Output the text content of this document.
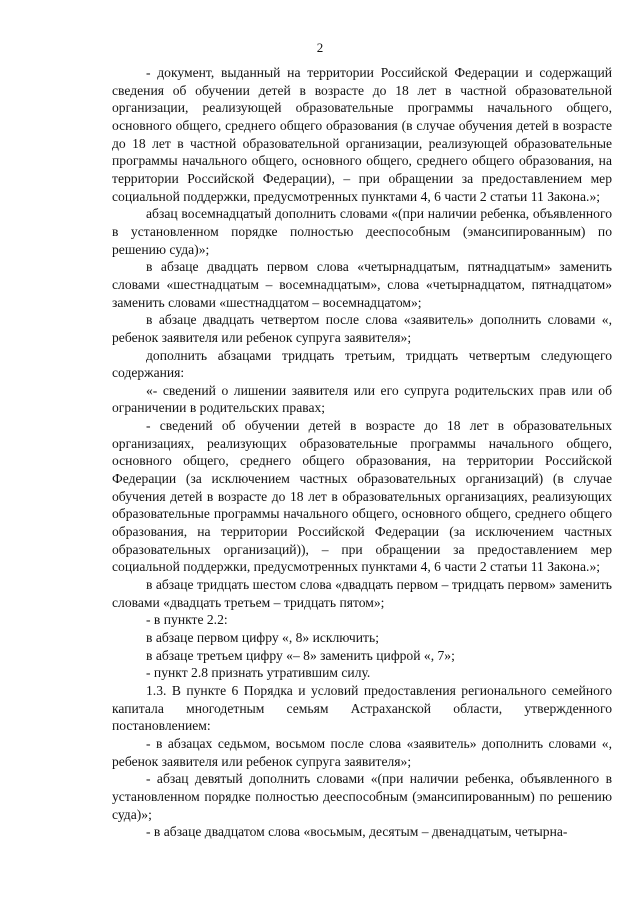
2

- документ, выданный на территории Российской Федерации и содержащий сведения об обучении детей в возрасте до 18 лет в частной образовательной организации, реализующей образовательные программы начального общего, основного общего, среднего общего образования (в случае обучения детей в возрасте до 18 лет в частной образовательной организации, реализующей образовательные программы начального общего, основного общего, среднего общего образования, на территории Российской Федерации), – при обращении за предоставлением мер социальной поддержки, предусмотренных пунктами 4, 6 части 2 статьи 11 Закона.»;

абзац восемнадцатый дополнить словами «(при наличии ребенка, объявленного в установленном порядке полностью дееспособным (эмансипированным) по решению суда)»;

в абзаце двадцать первом слова «четырнадцатым, пятнадцатым» заменить словами «шестнадцатым – восемнадцатым», слова «четырнадцатом, пятнадцатом» заменить словами «шестнадцатом – восемнадцатом»;

в абзаце двадцать четвертом после слова «заявитель» дополнить словами «, ребенок заявителя или ребенок супруга заявителя»;

дополнить абзацами тридцать третьим, тридцать четвертым следующего содержания:

«- сведений о лишении заявителя или его супруга родительских прав или об ограничении в родительских правах;

- сведений об обучении детей в возрасте до 18 лет в образовательных организациях, реализующих образовательные программы начального общего, основного общего, среднего общего образования, на территории Российской Федерации (за исключением частных образовательных организаций) (в случае обучения детей в возрасте до 18 лет в образовательных организациях, реализующих образовательные программы начального общего, основного общего, среднего общего образования, на территории Российской Федерации (за исключением частных образовательных организаций)), – при обращении за предоставлением мер социальной поддержки, предусмотренных пунктами 4, 6 части 2 статьи 11 Закона.»;

в абзаце тридцать шестом слова «двадцать первом – тридцать первом» заменить словами «двадцать третьем – тридцать пятом»;

- в пункте 2.2:

в абзаце первом цифру «, 8» исключить;

в абзаце третьем цифру «– 8» заменить цифрой «, 7»;

- пункт 2.8 признать утратившим силу.

1.3. В пункте 6 Порядка и условий предоставления регионального семейного капитала многодетным семьям Астраханской области, утвержденного постановлением:

- в абзацах седьмом, восьмом после слова «заявитель» дополнить словами «, ребенок заявителя или ребенок супруга заявителя»;

- абзац девятый дополнить словами «(при наличии ребенка, объявленного в установленном порядке полностью дееспособным (эмансипированным) по решению суда)»;

- в абзаце двадцатом слова «восьмым, десятым – двенадцатым, четырна-
